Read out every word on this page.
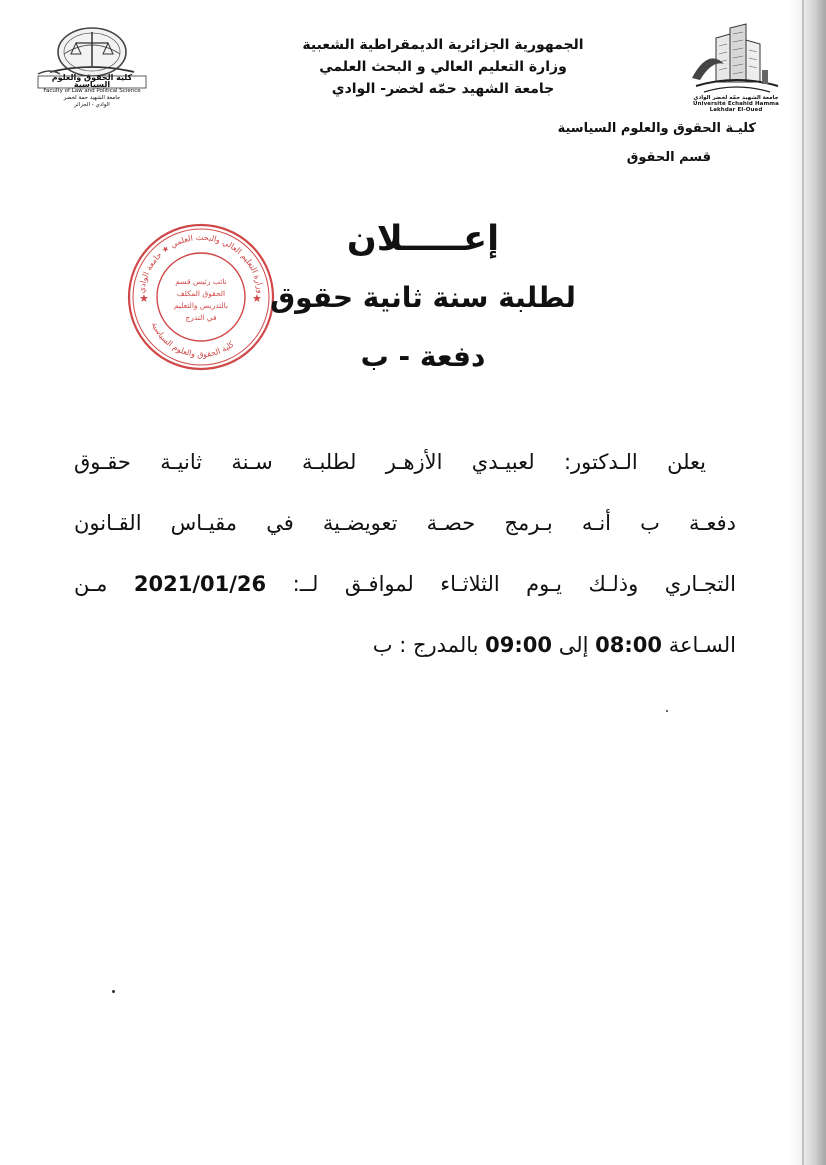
كلية الحقوق والعلوم السياسية
Faculty of Law and Political Science
جامعة الشهيد حمة لخضر
الوادي - الجزائر
الجمهورية الجزائرية الديمقراطية الشعبية
وزارة التعليم العالي و البحث العلمي
جامعة الشهيد حمّه لخضر- الوادي
جامعة الشهيد حمّه لخضر الوادي
Université Echahid Hamma Lakhdar El-Oued
كليـة الحقوق والعلوم السياسية
قسم الحقوق
وزارة التعليم العالي والبحث العلمي ★ جامعة الوادي
كلية الحقوق والعلوم السياسية
★	★
نائب رئيس قسم
الحقوق المكلف
بالتدريس والتعليم
في التدرج
إعـــــلان
لطلبة سنة ثانية حقوق
دفعة - ب
يعلن الـدكتور: لعبيـدي الأزهـر لطلبـة سـنة ثانيـة حقـوق
دفعـة ب أنـه بـرمج حصـة تعويضـية في مقيـاس القـانون
التجـاري وذلـك يـوم الثلاثـاء لموافـق لــ: 2021/01/26 مـن
السـاعة 08:00 إلى 09:00 بالمدرج : ب
